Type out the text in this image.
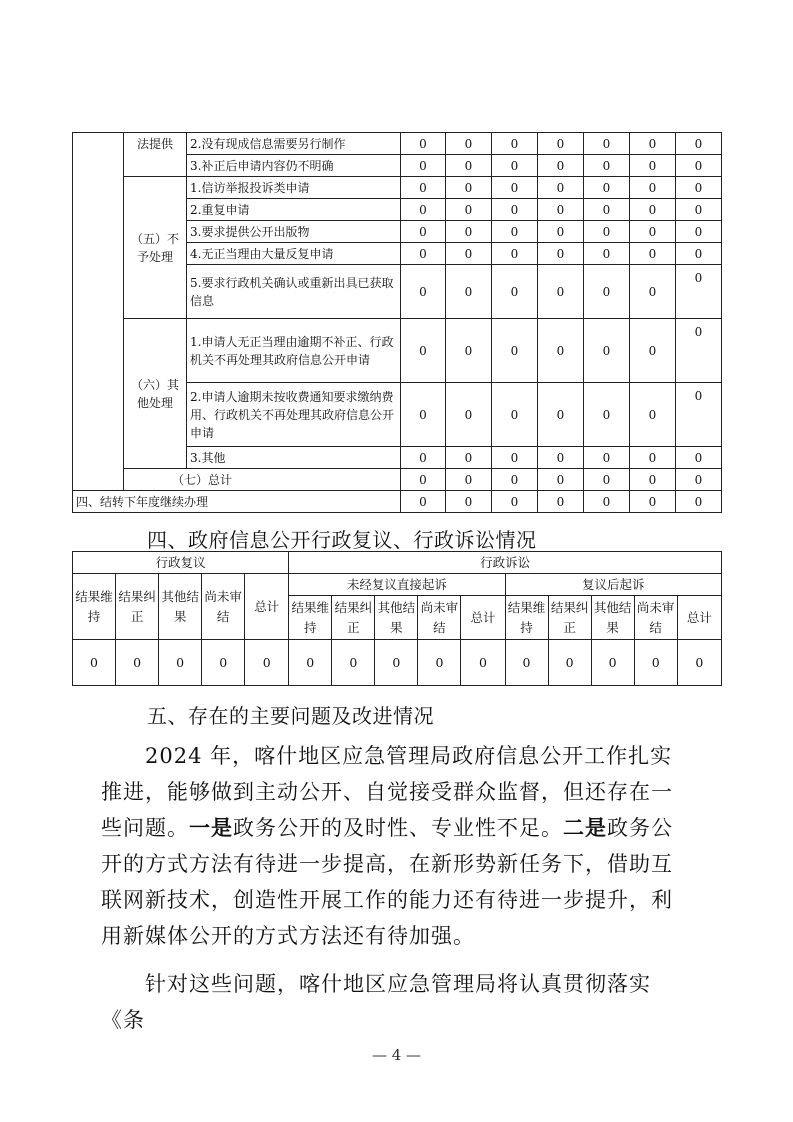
	法提供	2.没有现成信息需要另行制作	0	0	0	0	0	0	0
		3.补正后申请内容仍不明确	0	0	0	0	0	0	0
	（五）不予处理	1.信访举报投诉类申请	0	0	0	0	0	0	0
		2.重复申请	0	0	0	0	0	0	0
		3.要求提供公开出版物	0	0	0	0	0	0	0
		4.无正当理由大量反复申请	0	0	0	0	0	0	0
		5.要求行政机关确认或重新出具已获取信息	0	0	0	0	0	0	0
	（六）其他处理	1.申请人无正当理由逾期不补正、行政机关不再处理其政府信息公开申请	0	0	0	0	0	0	0
		2.申请人逾期未按收费通知要求缴纳费用、行政机关不再处理其政府信息公开申请	0	0	0	0	0	0	0
		3.其他	0	0	0	0	0	0	0
	（七）总计		0	0	0	0	0	0	0
四、结转下年度继续办理			0	0	0	0	0	0	0
四、政府信息公开行政复议、行政诉讼情况
行政复议					行政诉讼									
结果维持	结果纠正	其他结果	尚未审结	总计	未经复议直接起诉					复议后起诉				
					结果维持	结果纠正	其他结果	尚未审结	总计	结果维持	结果纠正	其他结果	尚未审结	总计
0	0	0	0	0	0	0	0	0	0	0	0	0	0	0
五、存在的主要问题及改进情况

2024 年，喀什地区应急管理局政府信息公开工作扎实推进，能够做到主动公开、自觉接受群众监督，但还存在一些问题。一是政务公开的及时性、专业性不足。二是政务公开的方式方法有待进一步提高，在新形势新任务下，借助互联网新技术，创造性开展工作的能力还有待进一步提升，利用新媒体公开的方式方法还有待加强。

针对这些问题，喀什地区应急管理局将认真贯彻落实《条

— 4 —
